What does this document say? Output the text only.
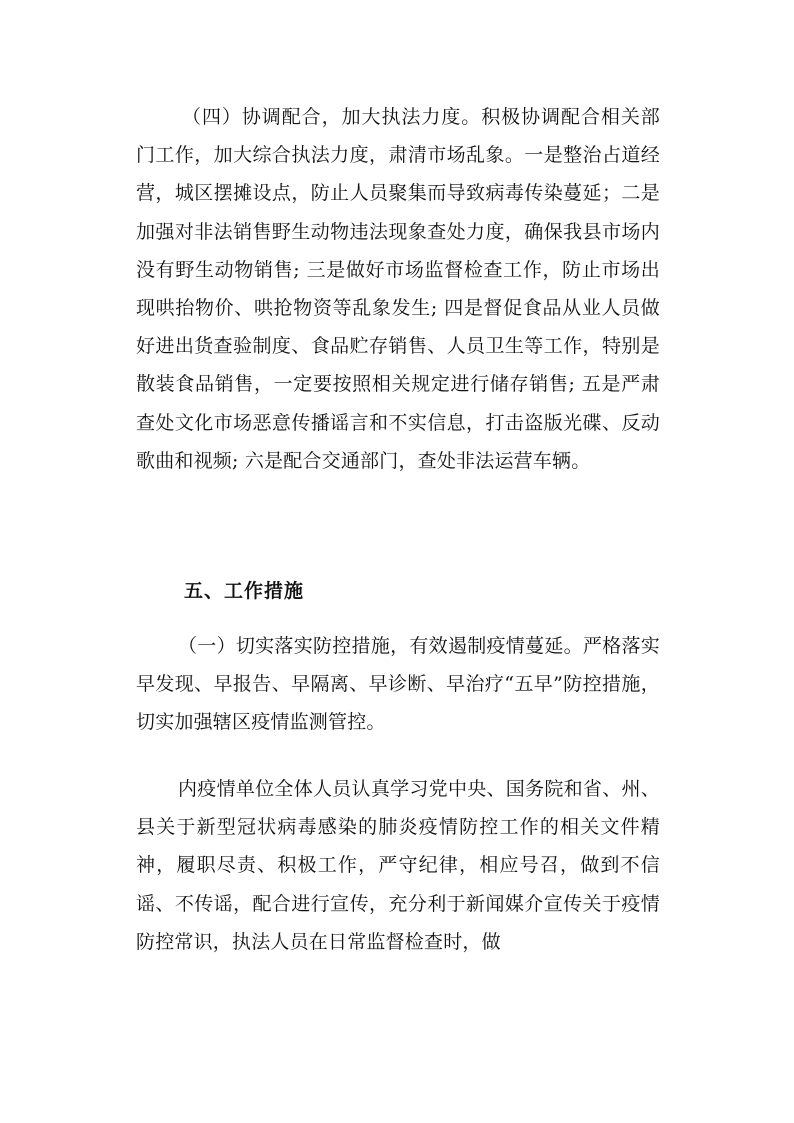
（四）协调配合，加大执法力度。积极协调配合相关部门工作，加大综合执法力度，肃清市场乱象。一是整治占道经营，城区摆摊设点，防止人员聚集而导致病毒传染蔓延；二是加强对非法销售野生动物违法现象查处力度，确保我县市场内没有野生动物销售; 三是做好市场监督检查工作，防止市场出现哄抬物价、哄抢物资等乱象发生; 四是督促食品从业人员做好进出货查验制度、食品贮存销售、人员卫生等工作，特别是散装食品销售，一定要按照相关规定进行储存销售; 五是严肃查处文化市场恶意传播谣言和不实信息，打击盗版光碟、反动歌曲和视频; 六是配合交通部门，查处非法运营车辆。
五、工作措施
（一）切实落实防控措施，有效遏制疫情蔓延。严格落实早发现、早报告、早隔离、早诊断、早治疗“五早”防控措施，切实加强辖区疫情监测管控。
内疫情单位全体人员认真学习党中央、国务院和省、州、县关于新型冠状病毒感染的肺炎疫情防控工作的相关文件精神，履职尽责、积极工作，严守纪律，相应号召，做到不信谣、不传谣，配合进行宣传，充分利于新闻媒介宣传关于疫情防控常识，执法人员在日常监督检查时，做
